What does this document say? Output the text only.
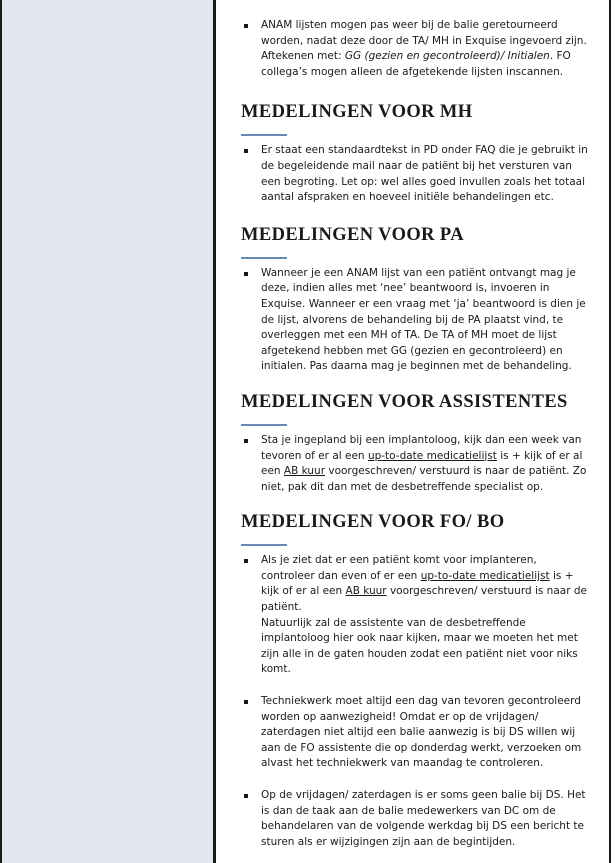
ANAM lijsten mogen pas weer bij de balie geretourneerd worden, nadat deze door de TA/ MH in Exquise ingevoerd zijn. Aftekenen met: GG (gezien en gecontroleerd)/ Initialen. FO collega’s mogen alleen de afgetekende lijsten inscannen.
MEDELINGEN VOOR MH
Er staat een standaardtekst in PD onder FAQ die je gebruikt in de begeleidende mail naar de patiënt bij het versturen van een begroting. Let op: wel alles goed invullen zoals het totaal aantal afspraken en hoeveel initiële behandelingen etc.
MEDELINGEN VOOR PA
Wanneer je een ANAM lijst van een patiënt ontvangt mag je deze, indien alles met ‘nee’ beantwoord is, invoeren in Exquise. Wanneer er een vraag met ‘ja’ beantwoord is dien je de lijst, alvorens de behandeling bij de PA plaatst vind, te overleggen met een MH of TA. De TA of MH moet de lijst afgetekend hebben met GG (gezien en gecontroleerd) en initialen. Pas daarna mag je beginnen met de behandeling.
MEDELINGEN VOOR ASSISTENTES
Sta je ingepland bij een implantoloog, kijk dan een week van tevoren of er al een up-to-date medicatielijst is + kijk of er al een AB kuur voorgeschreven/ verstuurd is naar de patiënt. Zo niet, pak dit dan met de desbetreffende specialist op.
MEDELINGEN VOOR FO/ BO
Als je ziet dat er een patiënt komt voor implanteren, controleer dan even of er een up-to-date medicatielijst is + kijk of er al een AB kuur voorgeschreven/ verstuurd is naar de patiënt.
Natuurlijk zal de assistente van de desbetreffende implantoloog hier ook naar kijken, maar we moeten het met zijn alle in de gaten houden zodat een patiënt niet voor niks komt.
Techniekwerk moet altijd een dag van tevoren gecontroleerd worden op aanwezigheid! Omdat er op de vrijdagen/ zaterdagen niet altijd een balie aanwezig is bij DS willen wij aan de FO assistente die op donderdag werkt, verzoeken om alvast het techniekwerk van maandag te controleren.
Op de vrijdagen/ zaterdagen is er soms geen balie bij DS. Het is dan de taak aan de balie medewerkers van DC om de behandelaren van de volgende werkdag bij DS een bericht te sturen als er wijzigingen zijn aan de begintijden.
